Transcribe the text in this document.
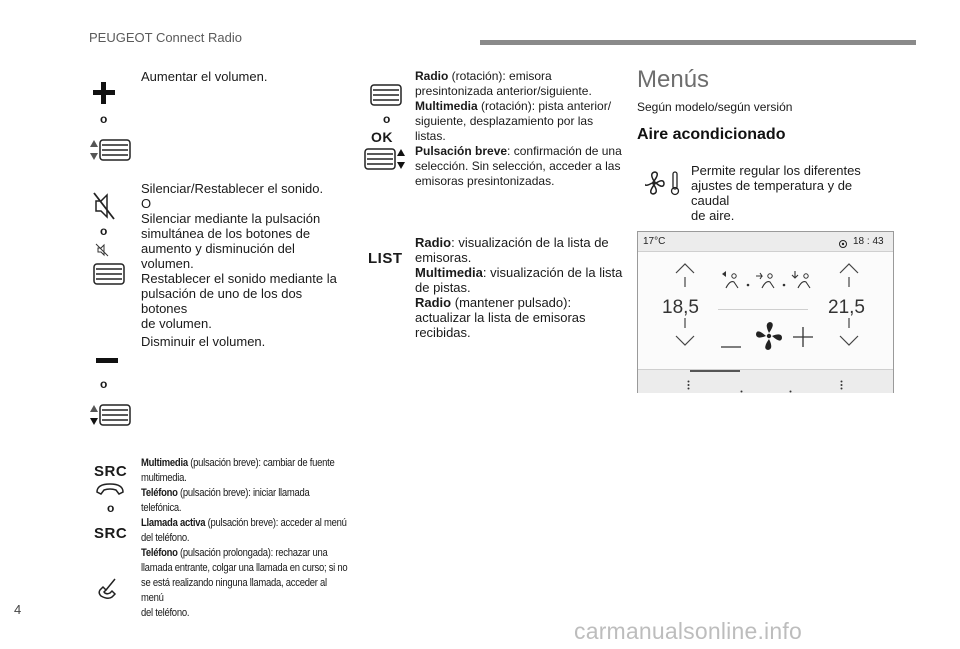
PEUGEOT Connect Radio
o
o
o
SRC
o
SRC
Aumentar el volumen.
Silenciar/Restablecer el sonido.
O
Silenciar mediante la pulsación
simultánea de los botones de
aumento y disminución del volumen.
Restablecer el sonido mediante la
pulsación de uno de los dos botones
de volumen.
Disminuir el volumen.
Multimedia (pulsación breve): cambiar de fuente
multimedia.
Teléfono (pulsación breve): iniciar llamada telefónica.
Llamada activa (pulsación breve): acceder al menú
del teléfono.
Teléfono (pulsación prolongada): rechazar una
llamada entrante, colgar una llamada en curso; si no
se está realizando ninguna llamada, acceder al menú
del teléfono.
o
OK
LIST
Radio (rotación): emisora
presintonizada anterior/siguiente.
Multimedia (rotación): pista anterior/
siguiente, desplazamiento por las
listas.
Pulsación breve: confirmación de una
selección. Sin selección, acceder a las
emisoras presintonizadas.
Radio: visualización de la lista de
emisoras.
Multimedia: visualización de la lista
de pistas.
Radio (mantener pulsado):
actualizar la lista de emisoras
recibidas.
Menús
Según modelo/según versión
Aire acondicionado
Permite regular los diferentes
ajustes de temperatura y de caudal
de aire.
17°C	18 : 43
18,5	21,5
4
carmanualsonline.info
